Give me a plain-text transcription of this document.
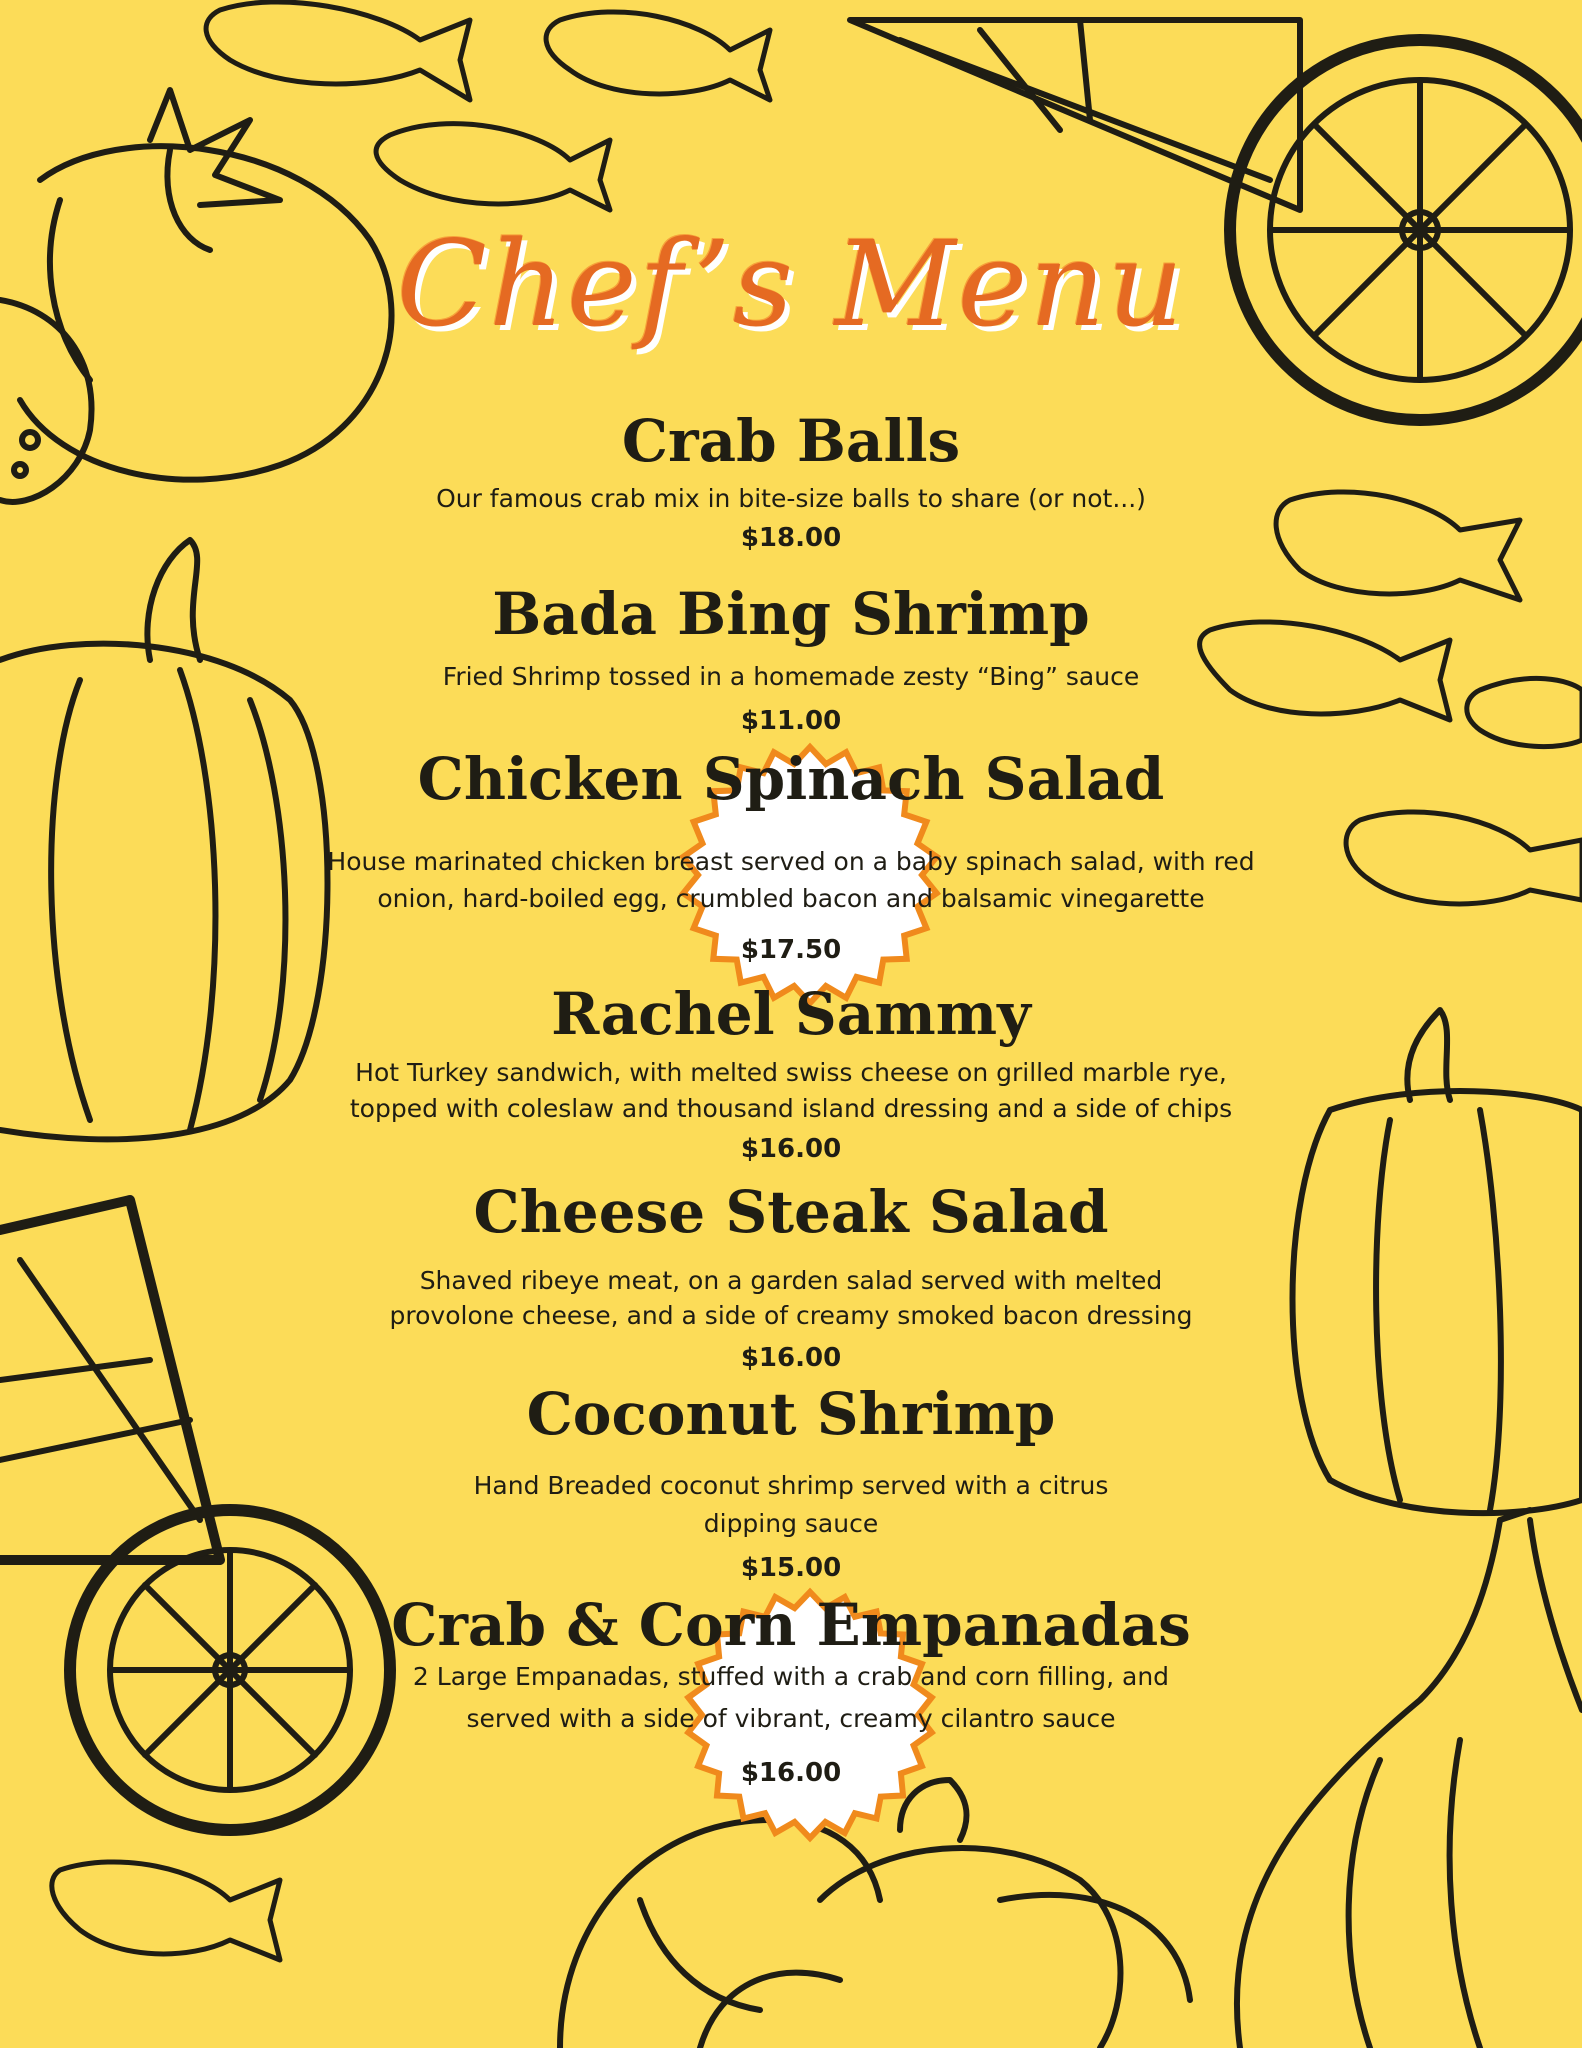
Chef’s Menu
Crab Balls

Our famous crab mix in bite-size balls to share (or not...)

$18.00

Bada Bing Shrimp

Fried Shrimp tossed in a homemade zesty “Bing” sauce

$11.00

Chicken Spinach Salad

House marinated chicken breast served on a baby spinach salad, with red

onion, hard-boiled egg, crumbled bacon and balsamic vinegarette

$17.50

Rachel Sammy

Hot Turkey sandwich, with melted swiss cheese on grilled marble rye,

topped with coleslaw and thousand island dressing and a side of chips

$16.00

Cheese Steak Salad

Shaved ribeye meat, on a garden salad served with melted

provolone cheese, and a side of creamy smoked bacon dressing

$16.00

Coconut Shrimp

Hand Breaded coconut shrimp served with a citrus

dipping sauce

$15.00

Crab & Corn Empanadas

2 Large Empanadas, stuffed with a crab and corn filling, and

served with a side of vibrant, creamy cilantro sauce

$16.00
